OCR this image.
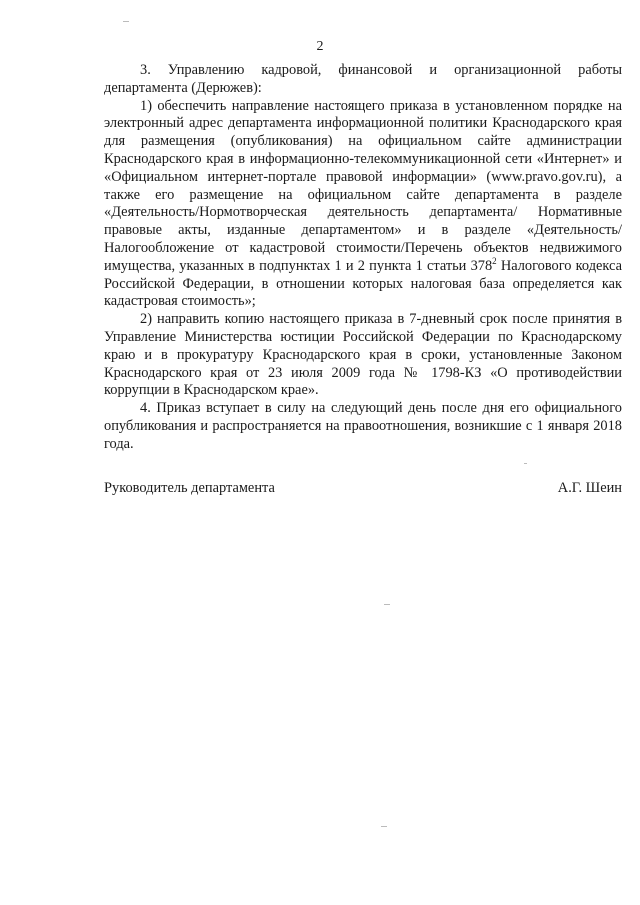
2

3. Управлению кадровой, финансовой и организационной работы департамента (Дерюжев):

1) обеспечить направление настоящего приказа в установленном порядке на электронный адрес департамента информационной политики Краснодарского края для размещения (опубликования) на официальном сайте администрации Краснодарского края в информационно-телекоммуникационной сети «Интернет» и «Официальном интернет-портале правовой информации» (www.pravo.gov.ru), а также его размещение на официальном сайте департамента в разделе «Деятельность/Нормотворческая деятельность департамента/ Нормативные правовые акты, изданные департаментом» и в разделе «Деятельность/Налогообложение от кадастровой стоимости/Перечень объектов недвижимого имущества, указанных в подпунктах 1 и 2 пункта 1 статьи $378^2$ Налогового кодекса Российской Федерации, в отношении которых налоговая база определяется как кадастровая стоимость»;

2) направить копию настоящего приказа в 7-дневный срок после принятия в Управление Министерства юстиции Российской Федерации по Краснодарскому краю и в прокуратуру Краснодарского края в сроки, установленные Законом Краснодарского края от 23 июля 2009 года № 1798-КЗ «О противодействии коррупции в Краснодарском крае».

4. Приказ вступает в силу на следующий день после дня его официального опубликования и распространяется на правоотношения, возникшие с 1 января 2018 года.

Руководитель департамента	А.Г. Шеин
